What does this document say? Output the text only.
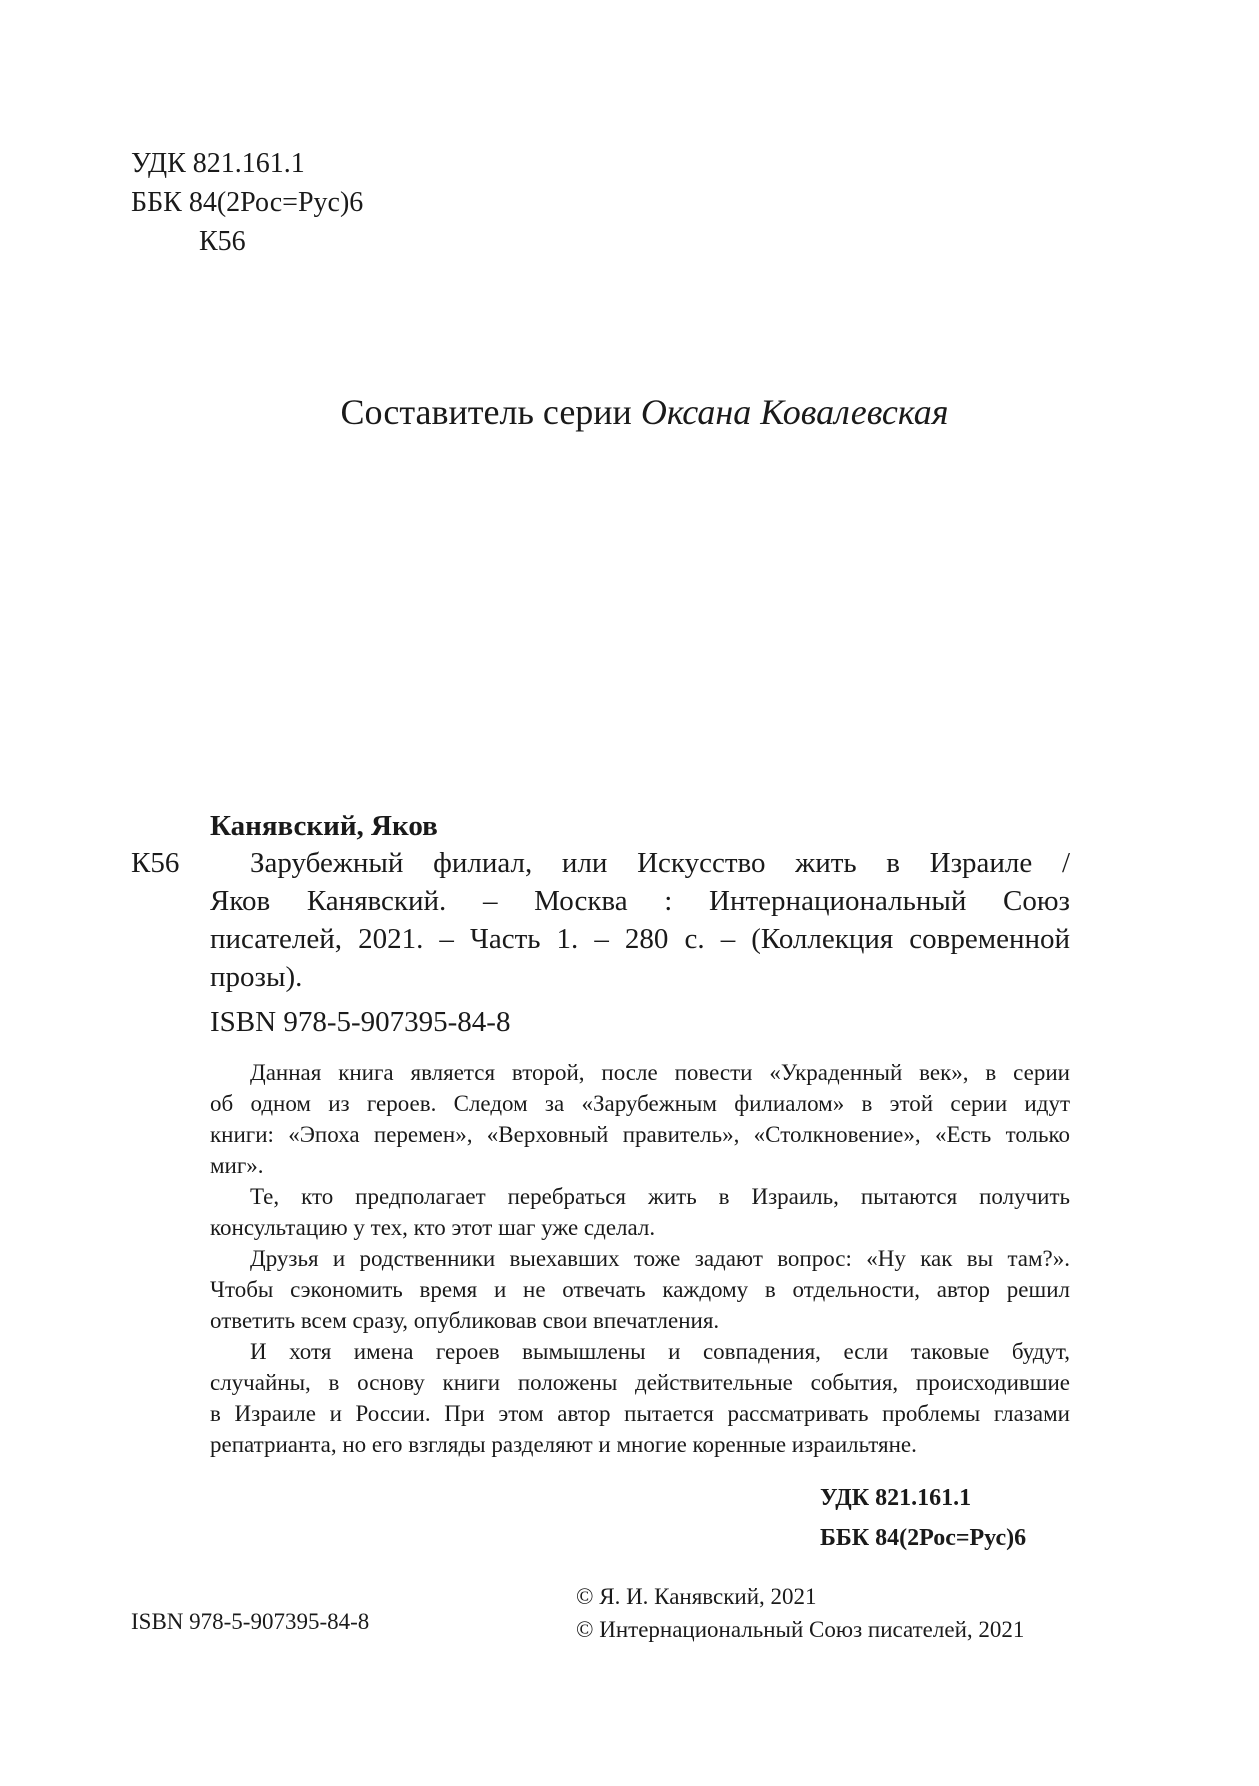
УДК 821.161.1
ББК 84(2Рос=Рус)6
К56
Составитель серии Оксана Ковалевская
Канявский, Яков
К56	Зарубежный филиал, или Искусство жить в Израиле /
Яков Канявский. – Москва : Интернациональный Союз
писателей, 2021. – Часть 1. – 280 с. – (Коллекция современной
прозы).
ISBN 978-5-907395-84-8
Данная книга является второй, после повести «Украденный век», в серии
об одном из героев. Следом за «Зарубежным филиалом» в этой серии идут
книги: «Эпоха перемен», «Верховный правитель», «Столкновение», «Есть только
миг».
Те, кто предполагает перебраться жить в Израиль, пытаются получить
консультацию у тех, кто этот шаг уже сделал.
Друзья и родственники выехавших тоже задают вопрос: «Ну как вы там?».
Чтобы сэкономить время и не отвечать каждому в отдельности, автор решил
ответить всем сразу, опубликовав свои впечатления.
И хотя имена героев вымышлены и совпадения, если таковые будут,
случайны, в основу книги положены действительные события, происходившие
в Израиле и России. При этом автор пытается рассматривать проблемы глазами
репатрианта, но его взгляды разделяют и многие коренные израильтяне.
УДК 821.161.1
ББК 84(2Рос=Рус)6
ISBN 978-5-907395-84-8
© Я. И. Канявский, 2021
© Интернациональный Союз писателей, 2021
